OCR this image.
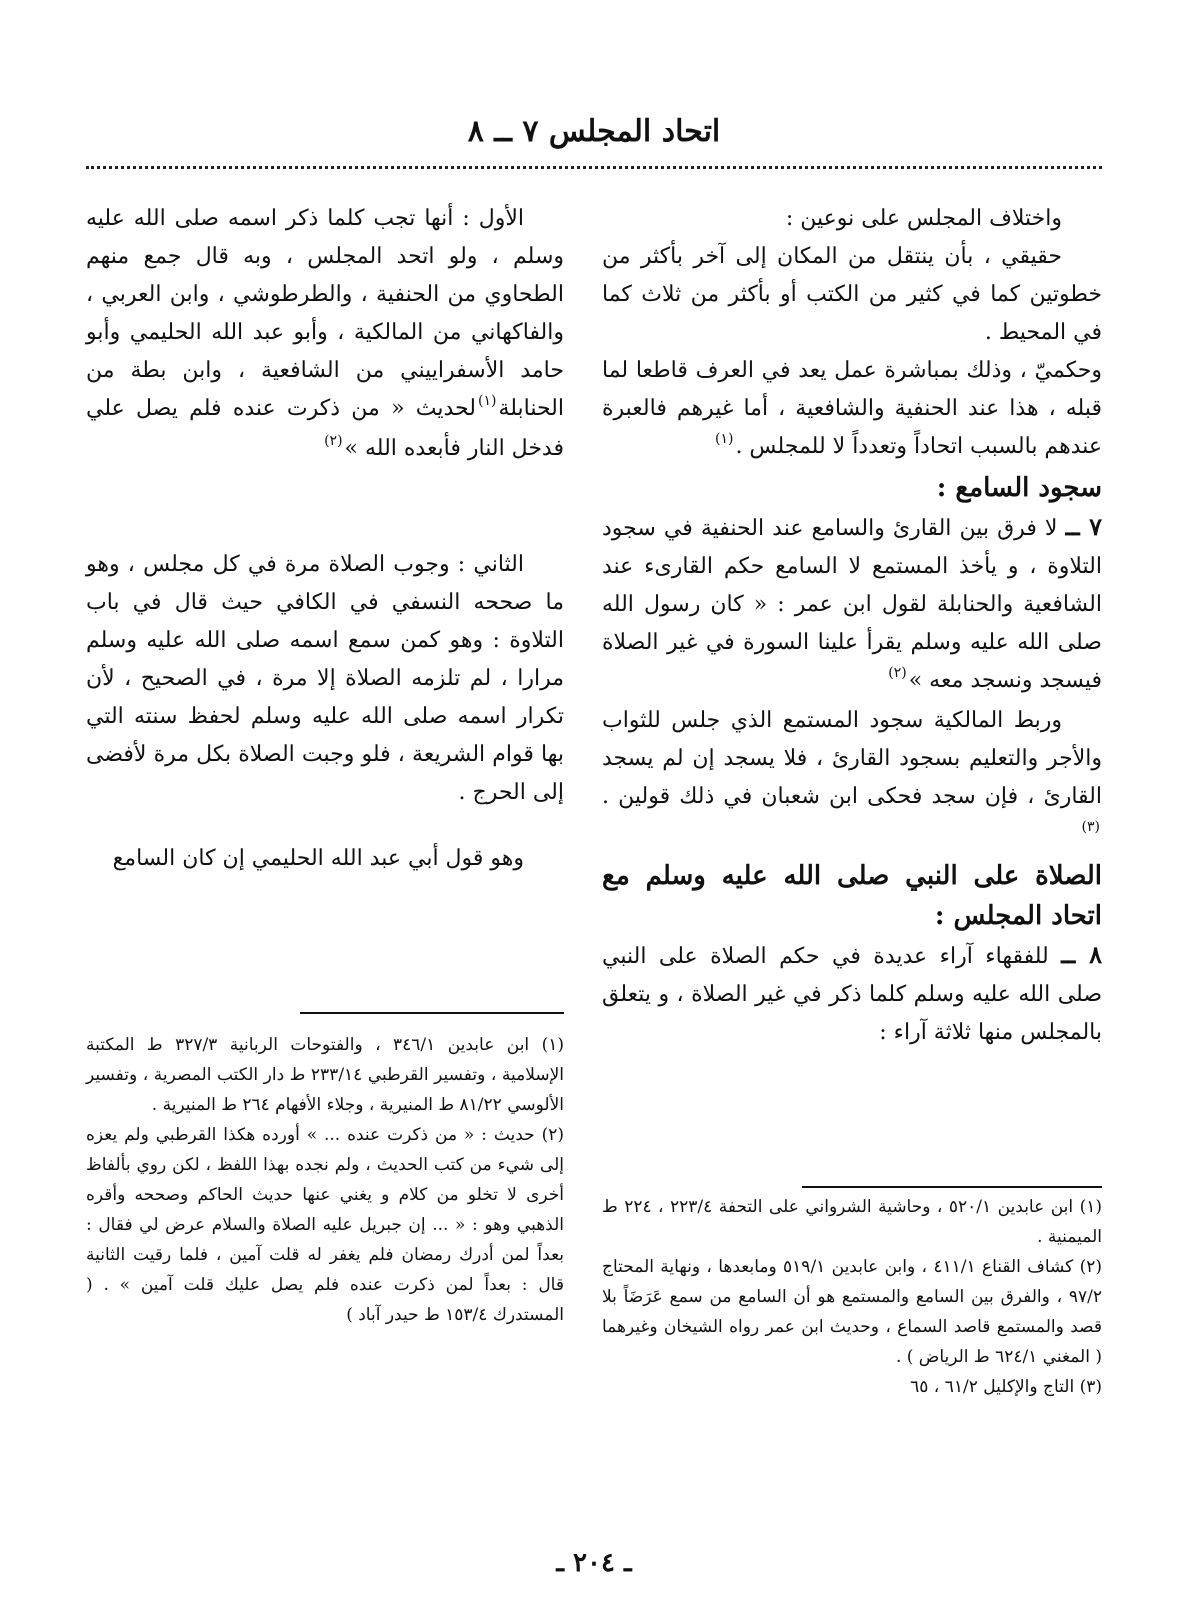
اتحاد المجلس ٧ ــ ٨

واختلاف المجلس على نوعين :

حقيقي ، بأن ينتقل من المكان إلى آخر بأكثر من خطوتين كما في كثير من الكتب أو بأكثر من ثلاث كما في المحيط .

وحكميّ ، وذلك بمباشرة عمل يعد في العرف قاطعا لما قبله ، هذا عند الحنفية والشافعية ، أما غيرهم فالعبرة عندهم بالسبب اتحاداً وتعدداً لا للمجلس .$^{(١)}$

سجود السامع :

٧ ــ لا فرق بين القارئ والسامع عند الحنفية في سجود التلاوة ، و يأخذ المستمع لا السامع حكم القارىء عند الشافعية والحنابلة لقول ابن عمر : « كان رسول الله صلى الله عليه وسلم يقرأ علينا السورة في غير الصلاة فيسجد ونسجد معه »$^{(٢)}$

وربط المالكية سجود المستمع الذي جلس للثواب والأجر والتعليم بسجود القارئ ، فلا يسجد إن لم يسجد القارئ ، فإن سجد فحكى ابن شعبان في ذلك قولين .$^{(٣)}$

الصلاة على النبي صلى الله عليه وسلم مع اتحاد المجلس :

٨ ــ للفقهاء آراء عديدة في حكم الصلاة على النبي صلى الله عليه وسلم كلما ذكر في غير الصلاة ، و يتعلق بالمجلس منها ثلاثة آراء :

الأول : أنها تجب كلما ذكر اسمه صلى الله عليه وسلم ، ولو اتحد المجلس ، وبه قال جمع منهم الطحاوي من الحنفية ، والطرطوشي ، وابن العربي ، والفاكهاني من المالكية ، وأبو عبد الله الحليمي وأبو حامد الأسفراييني من الشافعية ، وابن بطة من الحنابلة$^{(١)}$لحديث « من ذكرت عنده فلم يصل علي فدخل النار فأبعده الله »$^{(٢)}$

الثاني : وجوب الصلاة مرة في كل مجلس ، وهو ما صححه النسفي في الكافي حيث قال في باب التلاوة : وهو كمن سمع اسمه صلى الله عليه وسلم مرارا ، لم تلزمه الصلاة إلا مرة ، في الصحيح ، لأن تكرار اسمه صلى الله عليه وسلم لحفظ سنته التي بها قوام الشريعة ، فلو وجبت الصلاة بكل مرة لأفضى إلى الحرج .

وهو قول أبي عبد الله الحليمي إن كان السامع

(١) ابن عابدين ٥٢٠/١ ، وحاشية الشرواني على التحفة ٢٢٣/٤ ، ٢٢٤ ط الميمنية .

(٢) كشاف القناع ٤١١/١ ، وابن عابدين ٥١٩/١ ومابعدها ، ونهاية المحتاج ٩٧/٢ ، والفرق بين السامع والمستمع هو أن السامع من سمع عَرَضَاً بلا قصد والمستمع قاصد السماع ، وحديث ابن عمر رواه الشيخان وغيرهما ( المغني ٦٢٤/١ ط الرياض ) .

(٣) التاج والإكليل ٦١/٢ ، ٦٥

(١) ابن عابدين ٣٤٦/١ ، والفتوحات الربانية ٣٢٧/٣ ط المكتبة الإسلامية ، وتفسير القرطبي ٢٣٣/١٤ ط دار الكتب المصرية ، وتفسير الألوسي ٨١/٢٢ ط المنيرية ، وجلاء الأفهام ٢٦٤ ط المنيرية .

(٢) حديث : « من ذكرت عنده ... » أورده هكذا القرطبي ولم يعزه إلى شيء من كتب الحديث ، ولم نجده بهذا اللفظ ، لكن روي بألفاظ أخرى لا تخلو من كلام و يغني عنها حديث الحاكم وصححه وأقره الذهبي وهو : « ... إن جبريل عليه الصلاة والسلام عرض لي فقال : بعداً لمن أدرك رمضان فلم يغفر له قلت آمين ، فلما رقيت الثانية قال : بعداً لمن ذكرت عنده فلم يصل عليك قلت آمين » . ( المستدرك ١٥٣/٤ ط حيدر آباد )

ـ ٢٠٤ ـ
